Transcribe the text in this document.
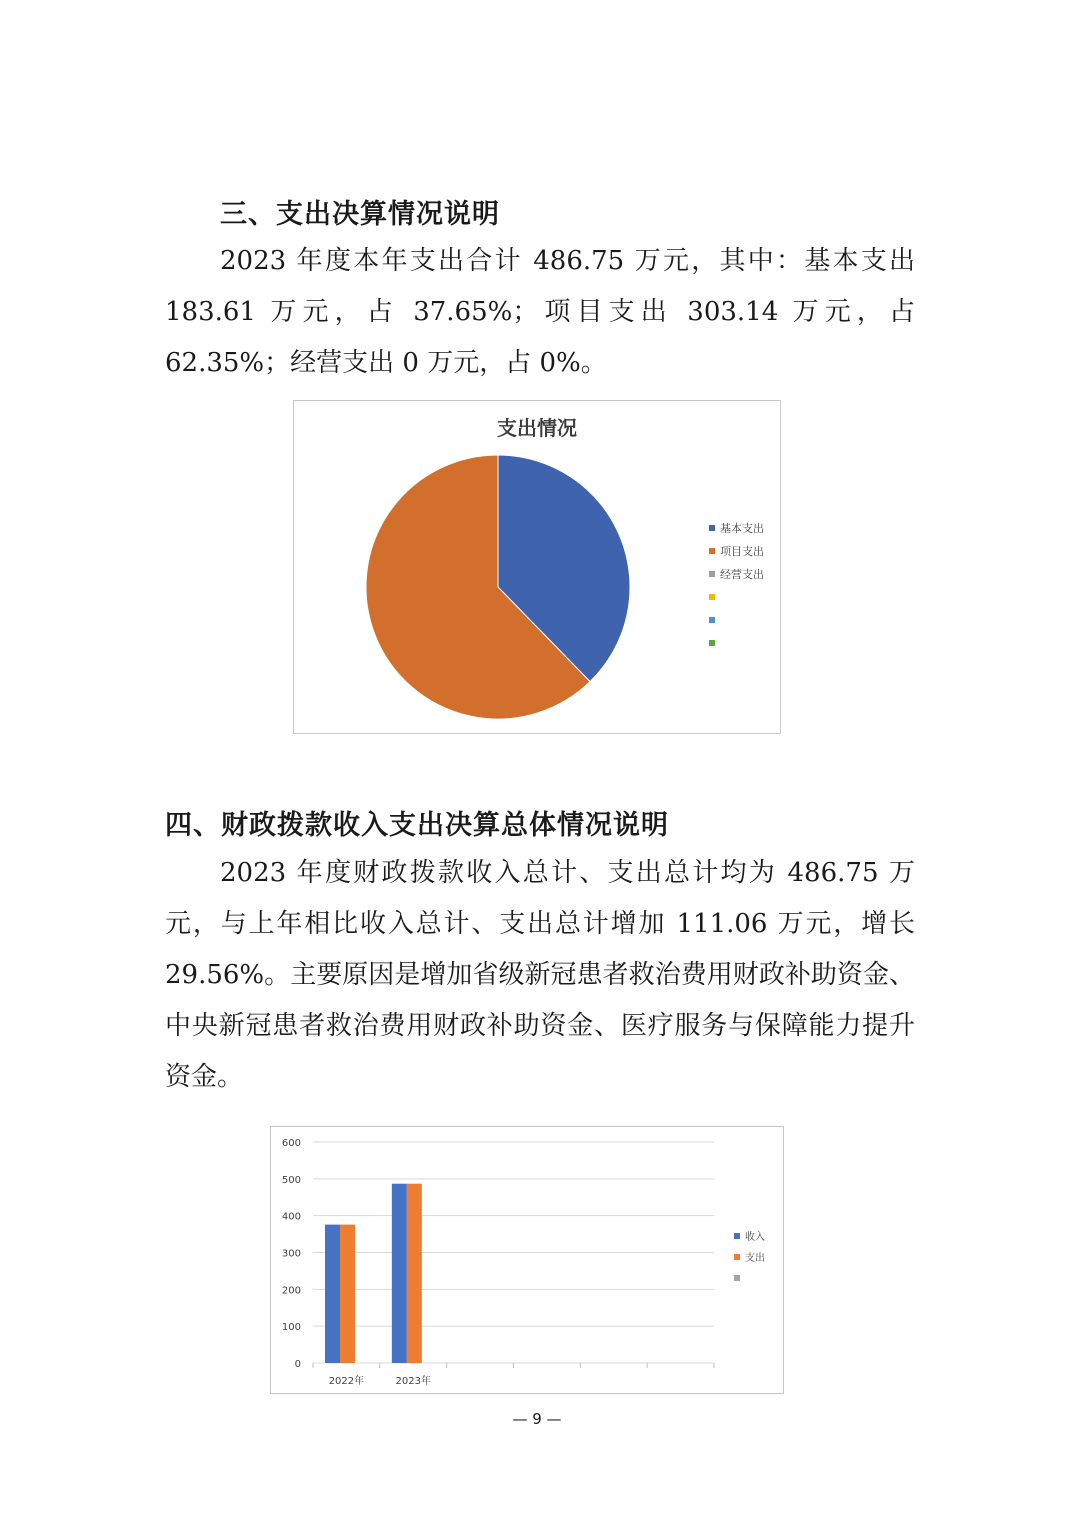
三、支出决算情况说明

2023 年度本年支出合计 486.75 万元，其中：基本支出 183.61 万元，占 37.65%；项目支出 303.14 万元，占 62.35%；经营支出 0 万元，占 0%。

支出情况
基本支出
项目支出
经营支出
四、财政拨款收入支出决算总体情况说明

2023 年度财政拨款收入总计、支出总计均为 486.75 万元，与上年相比收入总计、支出总计增加 111.06 万元，增长 29.56%。主要原因是增加省级新冠患者救治费用财政补助资金、中央新冠患者救治费用财政补助资金、医疗服务与保障能力提升资金。

0
100
200
300
400
500
600
2022年	2023年
收入
支出
— 9 —
